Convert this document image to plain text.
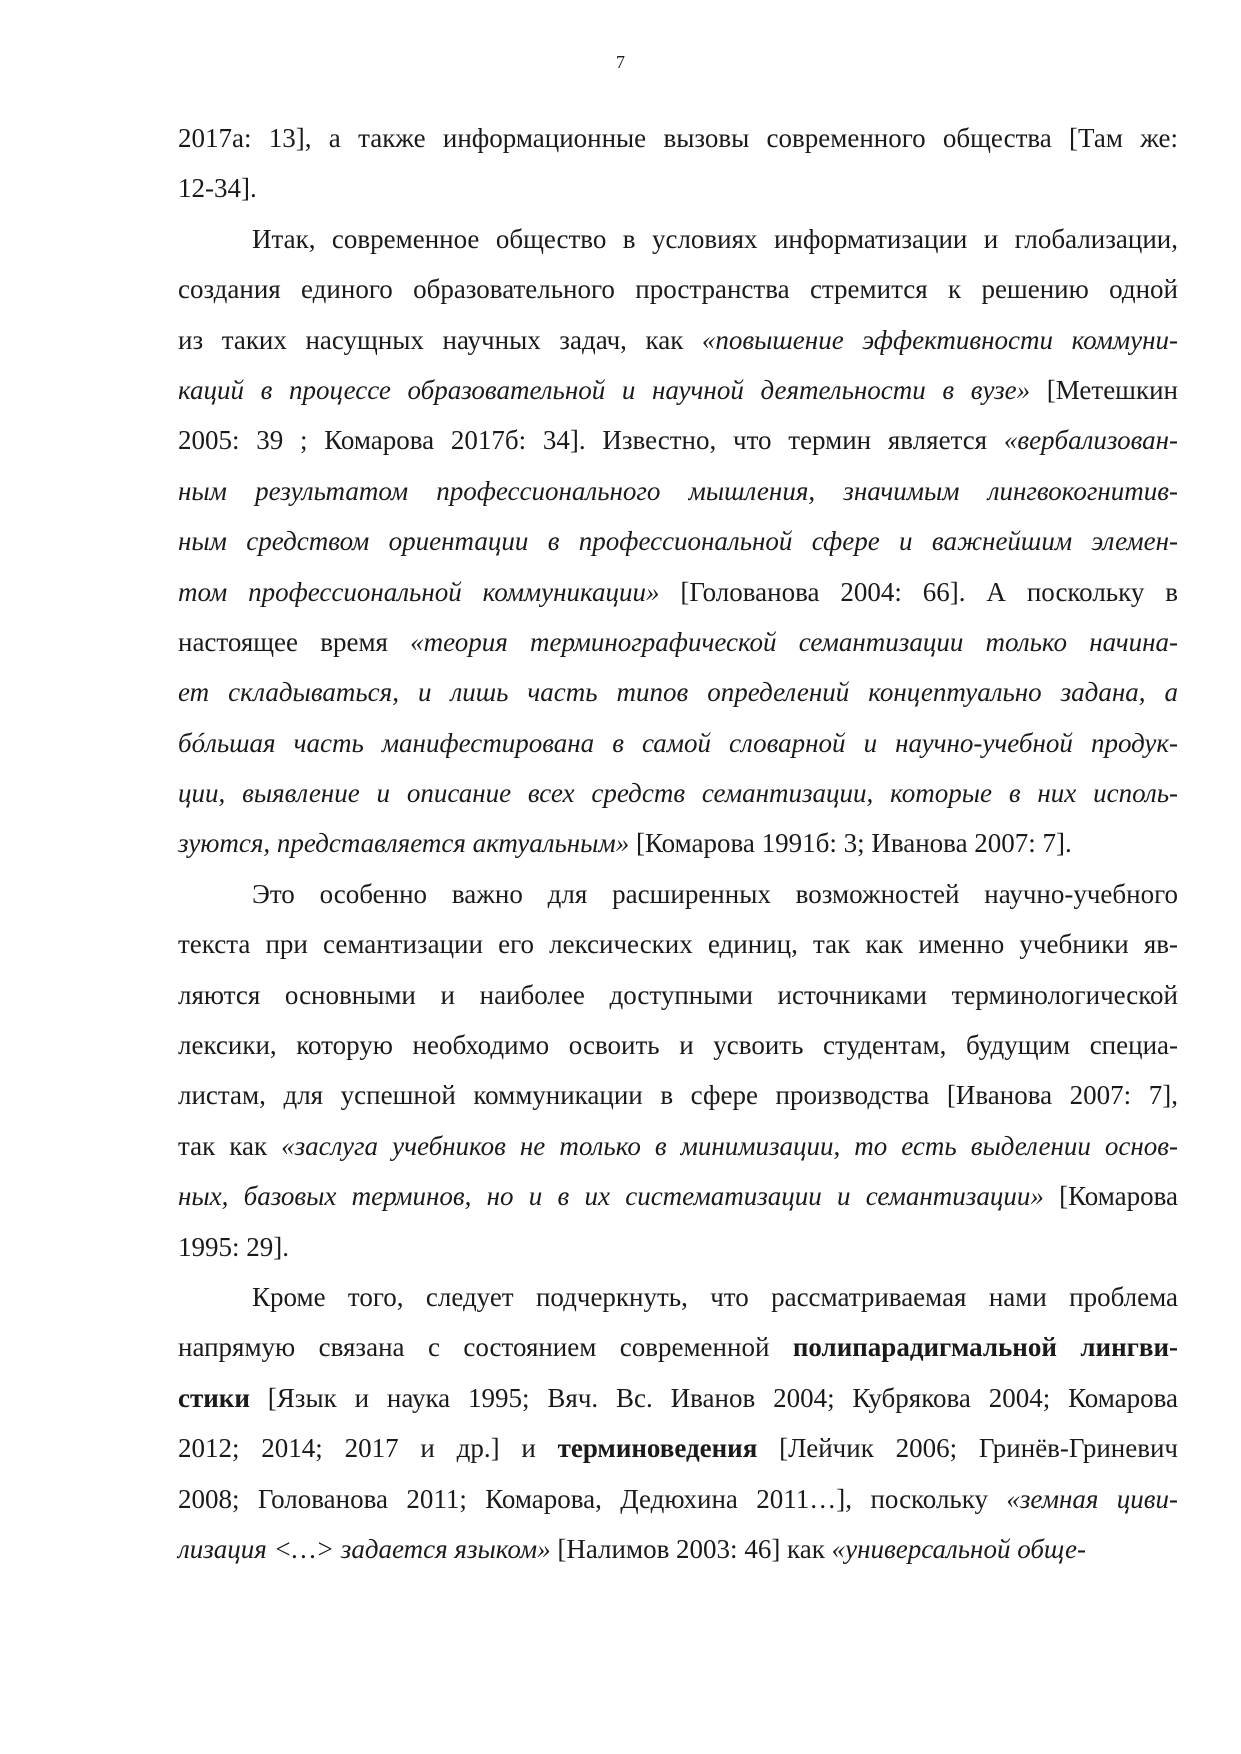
7
2017а: 13], а также информационные вызовы современного общества [Там же:
12-34].
Итак, современное общество в условиях информатизации и глобализации,
создания единого образовательного пространства стремится к решению одной
из таких насущных научных задач, как «повышение эффективности коммуни-
каций в процессе образовательной и научной деятельности в вузе» [Метешкин
2005: 39 ; Комарова 2017б: 34]. Известно, что термин является «вербализован-
ным результатом профессионального мышления, значимым лингвокогнитив-
ным средством ориентации в профессиональной сфере и важнейшим элемен-
том профессиональной коммуникации» [Голованова 2004: 66]. А поскольку в
настоящее время «теория терминографической семантизации только начина-
ет складываться, и лишь часть типов определений концептуально задана, а
бóльшая часть манифестирована в самой словарной и научно-учебной продук-
ции, выявление и описание всех средств семантизации, которые в них исполь-
зуются, представляется актуальным» [Комарова 1991б: 3; Иванова 2007: 7].
Это особенно важно для расширенных возможностей научно-учебного
текста при семантизации его лексических единиц, так как именно учебники яв-
ляются основными и наиболее доступными источниками терминологической
лексики, которую необходимо освоить и усвоить студентам, будущим специа-
листам, для успешной коммуникации в сфере производства [Иванова 2007: 7],
так как «заслуга учебников не только в минимизации, то есть выделении основ-
ных, базовых терминов, но и в их систематизации и семантизации» [Комарова
1995: 29].
Кроме того, следует подчеркнуть, что рассматриваемая нами проблема
напрямую связана с состоянием современной полипарадигмальной лингви-
стики [Язык и наука 1995; Вяч. Вс. Иванов 2004; Кубрякова 2004; Комарова
2012; 2014; 2017 и др.] и терминоведения [Лейчик 2006; Гринёв-Гриневич
2008; Голованова 2011; Комарова, Дедюхина 2011…], поскольку «земная циви-
лизация <…> задается языком» [Налимов 2003: 46] как «универсальной обще-
